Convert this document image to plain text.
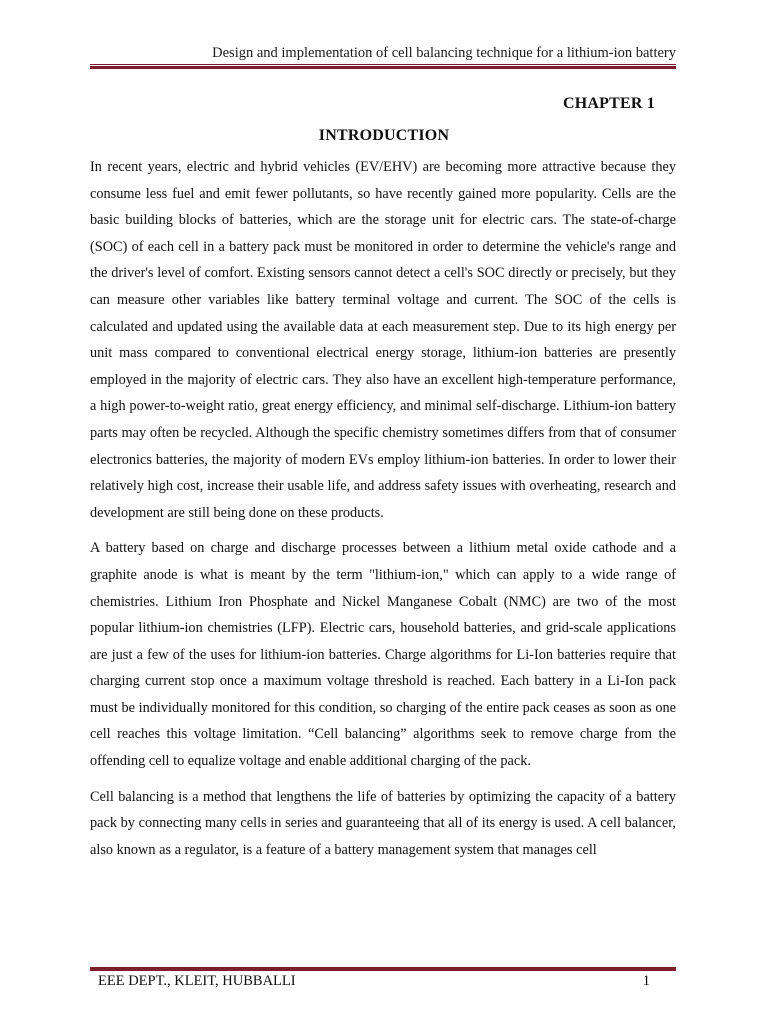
Design and implementation of cell balancing technique for a lithium-ion battery
CHAPTER 1
INTRODUCTION

In recent years, electric and hybrid vehicles (EV/EHV) are becoming more attractive because they consume less fuel and emit fewer pollutants, so have recently gained more popularity. Cells are the basic building blocks of batteries, which are the storage unit for electric cars. The state-of-charge (SOC) of each cell in a battery pack must be monitored in order to determine the vehicle's range and the driver's level of comfort. Existing sensors cannot detect a cell's SOC directly or precisely, but they can measure other variables like battery terminal voltage and current. The SOC of the cells is calculated and updated using the available data at each measurement step. Due to its high energy per unit mass compared to conventional electrical energy storage, lithium-ion batteries are presently employed in the majority of electric cars. They also have an excellent high-temperature performance, a high power-to-weight ratio, great energy efficiency, and minimal self-discharge. Lithium-ion battery parts may often be recycled. Although the specific chemistry sometimes differs from that of consumer electronics batteries, the majority of modern EVs employ lithium-ion batteries. In order to lower their relatively high cost, increase their usable life, and address safety issues with overheating, research and development are still being done on these products.

A battery based on charge and discharge processes between a lithium metal oxide cathode and a graphite anode is what is meant by the term "lithium-ion," which can apply to a wide range of chemistries. Lithium Iron Phosphate and Nickel Manganese Cobalt (NMC) are two of the most popular lithium-ion chemistries (LFP). Electric cars, household batteries, and grid-scale applications are just a few of the uses for lithium-ion batteries. Charge algorithms for Li-Ion batteries require that charging current stop once a maximum voltage threshold is reached. Each battery in a Li-Ion pack must be individually monitored for this condition, so charging of the entire pack ceases as soon as one cell reaches this voltage limitation. “Cell balancing” algorithms seek to remove charge from the offending cell to equalize voltage and enable additional charging of the pack.

Cell balancing is a method that lengthens the life of batteries by optimizing the capacity of a battery pack by connecting many cells in series and guaranteeing that all of its energy is used. A cell balancer, also known as a regulator, is a feature of a battery management system that manages cell

EEE DEPT., KLEIT, HUBBALLI	1
